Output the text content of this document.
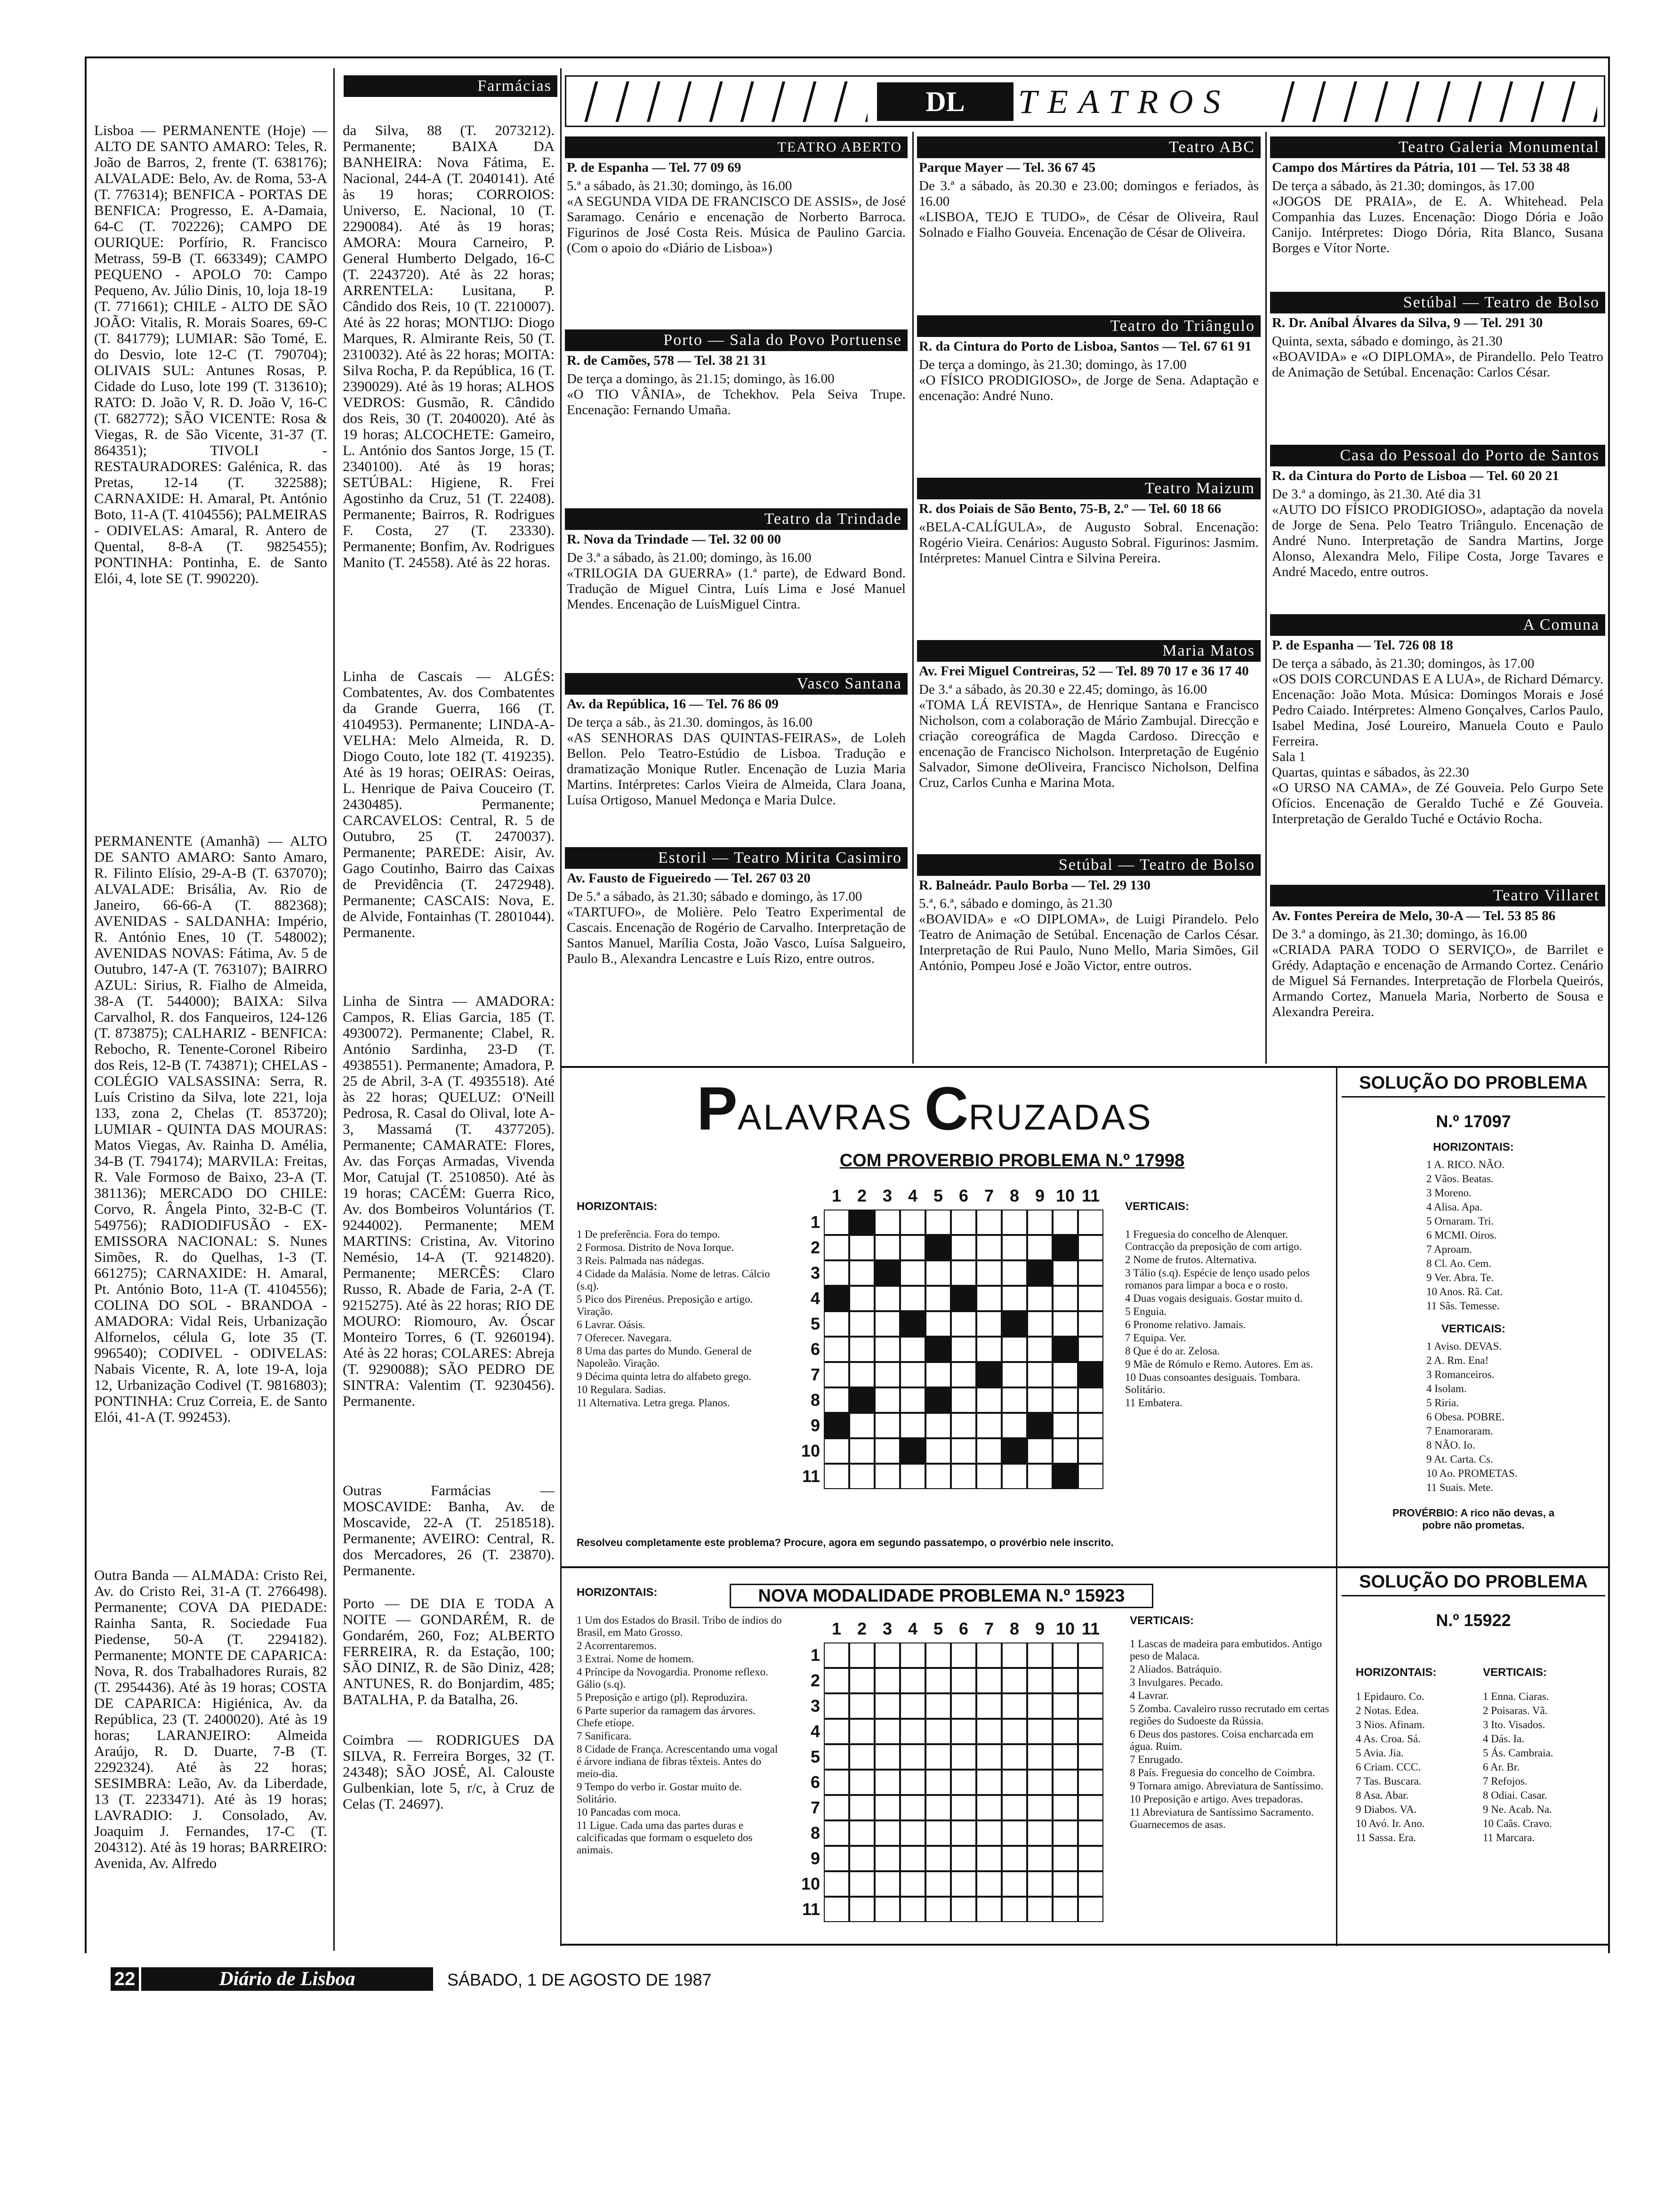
Farmácias

Lisboa — PERMANENTE (Hoje) — ALTO DE SANTO AMARO: Teles, R. João de Barros, 2, frente (T. 638176); ALVALADE: Belo, Av. de Roma, 53-A (T. 776314); BENFICA - PORTAS DE BENFICA: Progresso, E. A-Damaia, 64-C (T. 702226); CAMPO DE OURIQUE: Porfírio, R. Francisco Metrass, 59-B (T. 663349); CAMPO PEQUENO - APOLO 70: Campo Pequeno, Av. Júlio Dinis, 10, loja 18-19 (T. 771661); CHILE - ALTO DE SÃO JOÃO: Vitalis, R. Morais Soares, 69-C (T. 841779); LUMIAR: São Tomé, E. do Desvio, lote 12-C (T. 790704); OLIVAIS SUL: Antunes Rosas, P. Cidade do Luso, lote 199 (T. 313610); RATO: D. João V, R. D. João V, 16-C (T. 682772); SÃO VICENTE: Rosa & Viegas, R. de São Vicente, 31-37 (T. 864351); TIVOLI - RESTAURADORES: Galénica, R. das Pretas, 12-14 (T. 322588); CARNAXIDE: H. Amaral, Pt. António Boto, 11-A (T. 4104556); PALMEIRAS - ODIVELAS: Amaral, R. Antero de Quental, 8-8-A (T. 9825455); PONTINHA: Pontinha, E. de Santo Elói, 4, lote SE (T. 990220).

PERMANENTE (Amanhã) — ALTO DE SANTO AMARO: Santo Amaro, R. Filinto Elísio, 29-A-B (T. 637070); ALVALADE: Brisália, Av. Rio de Janeiro, 66-66-A (T. 882368); AVENIDAS - SALDANHA: Império, R. António Enes, 10 (T. 548002); AVENIDAS NOVAS: Fátima, Av. 5 de Outubro, 147-A (T. 763107); BAIRRO AZUL: Sirius, R. Fialho de Almeida, 38-A (T. 544000); BAIXA: Silva Carvalhol, R. dos Fanqueiros, 124-126 (T. 873875); CALHARIZ - BENFICA: Rebocho, R. Tenente-Coronel Ribeiro dos Reis, 12-B (T. 743871); CHELAS - COLÉGIO VALSASSINA: Serra, R. Luís Cristino da Silva, lote 221, loja 133, zona 2, Chelas (T. 853720); LUMIAR - QUINTA DAS MOURAS: Matos Viegas, Av. Rainha D. Amélia, 34-B (T. 794174); MARVILA: Freitas, R. Vale Formoso de Baixo, 23-A (T. 381136); MERCADO DO CHILE: Corvo, R. Ângela Pinto, 32-B-C (T. 549756); RADIODIFUSÃO - EX-EMISSORA NACIONAL: S. Nunes Simões, R. do Quelhas, 1-3 (T. 661275); CARNAXIDE: H. Amaral, Pt. António Boto, 11-A (T. 4104556); COLINA DO SOL - BRANDOA - AMADORA: Vidal Reis, Urbanização Alfornelos, célula G, lote 35 (T. 996540); CODIVEL - ODIVELAS: Nabais Vicente, R. A, lote 19-A, loja 12, Urbanização Codivel (T. 9816803); PONTINHA: Cruz Correia, E. de Santo Elói, 41-A (T. 992453).

Outra Banda — ALMADA: Cristo Rei, Av. do Cristo Rei, 31-A (T. 2766498). Permanente; COVA DA PIEDADE: Rainha Santa, R. Sociedade Fua Piedense, 50-A (T. 2294182). Permanente; MONTE DE CAPARICA: Nova, R. dos Trabalhadores Rurais, 82 (T. 2954436). Até às 19 horas; COSTA DE CAPARICA: Higiénica, Av. da República, 23 (T. 2400020). Até às 19 horas; LARANJEIRO: Almeida Araújo, R. D. Duarte, 7-B (T. 2292324). Até às 22 horas; SESIMBRA: Leão, Av. da Liberdade, 13 (T. 2233471). Até às 19 horas; LAVRADIO: J. Consolado, Av. Joaquim J. Fernandes, 17-C (T. 204312). Até às 19 horas; BARREIRO: Avenida, Av. Alfredo

da Silva, 88 (T. 2073212). Permanente; BAIXA DA BANHEIRA: Nova Fátima, E. Nacional, 244-A (T. 2040141). Até às 19 horas; CORROIOS: Universo, E. Nacional, 10 (T. 2290084). Até às 19 horas; AMORA: Moura Carneiro, P. General Humberto Delgado, 16-C (T. 2243720). Até às 22 horas; ARRENTELA: Lusitana, P. Cândido dos Reis, 10 (T. 2210007). Até às 22 horas; MONTIJO: Diogo Marques, R. Almirante Reis, 50 (T. 2310032). Até às 22 horas; MOITA: Silva Rocha, P. da República, 16 (T. 2390029). Até às 19 horas; ALHOS VEDROS: Gusmão, R. Cândido dos Reis, 30 (T. 2040020). Até às 19 horas; ALCOCHETE: Gameiro, L. António dos Santos Jorge, 15 (T. 2340100). Até às 19 horas; SETÚBAL: Higiene, R. Frei Agostinho da Cruz, 51 (T. 22408). Permanente; Bairros, R. Rodrigues F. Costa, 27 (T. 23330). Permanente; Bonfim, Av. Rodrigues Manito (T. 24558). Até às 22 horas.

Linha de Cascais — ALGÉS: Combatentes, Av. dos Combatentes da Grande Guerra, 166 (T. 4104953). Permanente; LINDA-A-VELHA: Melo Almeida, R. D. Diogo Couto, lote 182 (T. 419235). Até às 19 horas; OEIRAS: Oeiras, L. Henrique de Paiva Couceiro (T. 2430485). Permanente; CARCAVELOS: Central, R. 5 de Outubro, 25 (T. 2470037). Permanente; PAREDE: Aisir, Av. Gago Coutinho, Bairro das Caixas de Previdência (T. 2472948). Permanente; CASCAIS: Nova, E. de Alvide, Fontainhas (T. 2801044). Permanente.

Linha de Sintra — AMADORA: Campos, R. Elias Garcia, 185 (T. 4930072). Permanente; Clabel, R. António Sardinha, 23-D (T. 4938551). Permanente; Amadora, P. 25 de Abril, 3-A (T. 4935518). Até às 22 horas; QUELUZ: O'Neill Pedrosa, R. Casal do Olival, lote A-3, Massamá (T. 4377205). Permanente; CAMARATE: Flores, Av. das Forças Armadas, Vivenda Mor, Catujal (T. 2510850). Até às 19 horas; CACÉM: Guerra Rico, Av. dos Bombeiros Voluntários (T. 9244002). Permanente; MEM MARTINS: Cristina, Av. Vitorino Nemésio, 14-A (T. 9214820). Permanente; MERCÊS: Claro Russo, R. Abade de Faria, 2-A (T. 9215275). Até às 22 horas; RIO DE MOURO: Riomouro, Av. Óscar Monteiro Torres, 6 (T. 9260194). Até às 22 horas; COLARES: Abreja (T. 9290088); SÃO PEDRO DE SINTRA: Valentim (T. 9230456). Permanente.

Outras Farmácias — MOSCAVIDE: Banha, Av. de Moscavide, 22-A (T. 2518518). Permanente; AVEIRO: Central, R. dos Mercadores, 26 (T. 23870). Permanente.

Porto — DE DIA E TODA A NOITE — GONDARÉM, R. de Gondarém, 260, Foz; ALBERTO FERREIRA, R. da Estação, 100; SÃO DINIZ, R. de São Diniz, 428; ANTUNES, R. do Bonjardim, 485; BATALHA, P. da Batalha, 26.

Coimbra — RODRIGUES DA SILVA, R. Ferreira Borges, 32 (T. 24348); SÃO JOSÉ, Al. Calouste Gulbenkian, lote 5, r/c, à Cruz de Celas (T. 24697).

DL	TEATROS
TEATRO ABERTO
P. de Espanha — Tel. 77 09 69
5.ª a sábado, às 21.30; domingo, às 16.00
«A SEGUNDA VIDA DE FRANCISCO DE ASSIS», de José Saramago. Cenário e encenação de Norberto Barroca. Figurinos de José Costa Reis. Música de Paulino Garcia. (Com o apoio do «Diário de Lisboa»)
Porto — Sala do Povo Portuense
R. de Camões, 578 — Tel. 38 21 31
De terça a domingo, às 21.15; domingo, às 16.00
«O TIO VÂNIA», de Tchekhov. Pela Seiva Trupe. Encenação: Fernando Umaña.
Teatro da Trindade
R. Nova da Trindade — Tel. 32 00 00
De 3.ª a sábado, às 21.00; domingo, às 16.00
«TRILOGIA DA GUERRA» (1.ª parte), de Edward Bond. Tradução de Miguel Cintra, Luís Lima e José Manuel Mendes. Encenação de LuísMiguel Cintra.
Vasco Santana
Av. da República, 16 — Tel. 76 86 09
De terça a sáb., às 21.30. domingos, às 16.00
«AS SENHORAS DAS QUINTAS-FEIRAS», de Loleh Bellon. Pelo Teatro-Estúdio de Lisboa. Tradução e dramatização Monique Rutler. Encenação de Luzia Maria Martins. Intérpretes: Carlos Vieira de Almeida, Clara Joana, Luísa Ortigoso, Manuel Medonça e Maria Dulce.
Estoril — Teatro Mirita Casimiro
Av. Fausto de Figueiredo — Tel. 267 03 20
De 5.ª a sábado, às 21.30; sábado e domingo, às 17.00
«TARTUFO», de Molière. Pelo Teatro Experimental de Cascais. Encenação de Rogério de Carvalho. Interpretação de Santos Manuel, Marília Costa, João Vasco, Luísa Salgueiro, Paulo B., Alexandra Lencastre e Luís Rizo, entre outros.
Teatro ABC
Parque Mayer — Tel. 36 67 45
De 3.ª a sábado, às 20.30 e 23.00; domingos e feriados, às 16.00
«LISBOA, TEJO E TUDO», de César de Oliveira, Raul Solnado e Fialho Gouveia. Encenação de César de Oliveira.
Teatro do Triângulo
R. da Cintura do Porto de Lisboa, Santos — Tel. 67 61 91
De terça a domingo, às 21.30; domingo, às 17.00
«O FÍSICO PRODIGIOSO», de Jorge de Sena. Adaptação e encenação: André Nuno.
Teatro Maizum
R. dos Poiais de São Bento, 75-B, 2.º — Tel. 60 18 66
«BELA-CALÍGULA», de Augusto Sobral. Encenação: Rogério Vieira. Cenários: Augusto Sobral. Figurinos: Jasmim. Intérpretes: Manuel Cintra e Silvina Pereira.
Maria Matos
Av. Frei Miguel Contreiras, 52 — Tel. 89 70 17 e 36 17 40
De 3.ª a sábado, às 20.30 e 22.45; domingo, às 16.00
«TOMA LÁ REVISTA», de Henrique Santana e Francisco Nicholson, com a colaboração de Mário Zambujal. Direcção e criação coreográfica de Magda Cardoso. Direcção e encenação de Francisco Nicholson. Interpretação de Eugénio Salvador, Simone deOliveira, Francisco Nicholson, Delfina Cruz, Carlos Cunha e Marina Mota.
Setúbal — Teatro de Bolso
R. Balneádr. Paulo Borba — Tel. 29 130
5.ª, 6.ª, sábado e domingo, às 21.30
«BOAVIDA» e «O DIPLOMA», de Luigi Pirandelo. Pelo Teatro de Animação de Setúbal. Encenação de Carlos César. Interpretação de Rui Paulo, Nuno Mello, Maria Simões, Gil António, Pompeu José e João Victor, entre outros.
Teatro Galeria Monumental
Campo dos Mártires da Pátria, 101 — Tel. 53 38 48
De terça a sábado, às 21.30; domingos, às 17.00
«JOGOS DE PRAIA», de E. A. Whitehead. Pela Companhia das Luzes. Encenação: Diogo Dória e João Canijo. Intérpretes: Diogo Dória, Rita Blanco, Susana Borges e Vítor Norte.
Setúbal — Teatro de Bolso
R. Dr. Aníbal Álvares da Silva, 9 — Tel. 291 30
Quinta, sexta, sábado e domingo, às 21.30
«BOAVIDA» e «O DIPLOMA», de Pirandello. Pelo Teatro de Animação de Setúbal. Encenação: Carlos César.
Casa do Pessoal do Porto de Santos
R. da Cintura do Porto de Lisboa — Tel. 60 20 21
De 3.ª a domingo, às 21.30. Até dia 31
«AUTO DO FÍSICO PRODIGIOSO», adaptação da novela de Jorge de Sena. Pelo Teatro Triângulo. Encenação de André Nuno. Interpretação de Sandra Martins, Jorge Alonso, Alexandra Melo, Filipe Costa, Jorge Tavares e André Macedo, entre outros.
A Comuna
P. de Espanha — Tel. 726 08 18
De terça a sábado, às 21.30; domingos, às 17.00
«OS DOIS CORCUNDAS E A LUA», de Richard Démarcy. Encenação: João Mota. Música: Domingos Morais e José Pedro Caiado. Intérpretes: Almeno Gonçalves, Carlos Paulo, Isabel Medina, José Loureiro, Manuela Couto e Paulo Ferreira.
Sala 1
Quartas, quintas e sábados, às 22.30
«O URSO NA CAMA», de Zé Gouveia. Pelo Gurpo Sete Ofícios. Encenação de Geraldo Tuché e Zé Gouveia. Interpretação de Geraldo Tuché e Octávio Rocha.
Teatro Villaret
Av. Fontes Pereira de Melo, 30-A — Tel. 53 85 86
De 3.ª a domingo, às 21.30; domingo, às 16.00
«CRIADA PARA TODO O SERVIÇO», de Barrilet e Grédy. Adaptação e encenação de Armando Cortez. Cenário de Miguel Sá Fernandes. Interpretação de Florbela Queirós, Armando Cortez, Manuela Maria, Norberto de Sousa e Alexandra Pereira.
PALAVRAS CRUZADAS
COM PROVERBIO PROBLEMA N.º 17998
HORIZONTAIS:
1 De preferência. Fora do tempo.
2 Formosa. Distrito de Nova Iorque.
3 Reis. Palmada nas nádegas.
4 Cidade da Malásia. Nome de letras. Cálcio (s.q).
5 Pico dos Pirenéus. Preposição e artigo. Viração.
6 Lavrar. Oásis.
7 Oferecer. Navegara.
8 Uma das partes do Mundo. General de Napoleão. Viração.
9 Décima quinta letra do alfabeto grego.
10 Regulara. Sadias.
11 Alternativa. Letra grega. Planos.
VERTICAIS:
1 Freguesia do concelho de Alenquer. Contracção da preposição de com artigo.
2 Nome de frutos. Alternativa.
3 Tálio (s.q). Espécie de lenço usado pelos romanos para limpar a boca e o rosto.
4 Duas vogais desiguais. Gostar muito d.
5 Enguia.
6 Pronome relativo. Jamais.
7 Equipa. Ver.
8 Que é do ar. Zelosa.
9 Mãe de Rómulo e Remo. Autores. Em as.
10 Duas consoantes desiguais. Tombara. Solitário.
11 Embatera.
1 2 3 4 5 6 7 8 9 10 11
1
2
3
4
5
6
7
8
9
10
11
Resolveu completamente este problema? Procure, agora em segundo passatempo, o provérbio nele inscrito.
SOLUÇÃO DO PROBLEMA
N.º 17097
HORIZONTAIS:
1 A. RICO. NÃO.
2 Vãos. Beatas.
3 Moreno.
4 Alisa. Apa.
5 Ornaram. Tri.
6 MCMI. Oiros.
7 Aproam.
8 Cl. Ao. Cem.
9 Ver. Abra. Te.
10 Anos. Rã. Cat.
11 Sãs. Temesse.
VERTICAIS:
1 Aviso. DEVAS.
2 A. Rm. Ena!
3 Romanceiros.
4 Isolam.
5 Riria.
6 Obesa. POBRE.
7 Enamoraram.
8 NÃO. Io.
9 At. Carta. Cs.
10 Ao. PROMETAS.
11 Suais. Mete.
PROVÉRBIO: A rico não devas, a pobre não prometas.
HORIZONTAIS:	NOVA MODALIDADE PROBLEMA N.º 15923
1 Um dos Estados do Brasil. Tribo de índios do Brasil, em Mato Grosso.
2 Acorrentaremos.
3 Extrai. Nome de homem.
4 Príncipe da Novogardia. Pronome reflexo. Gálio (s.q).
5 Preposição e artigo (pl). Reproduzira.
6 Parte superior da ramagem das árvores. Chefe etíope.
7 Sanificara.
8 Cidade de França. Acrescentando uma vogal é árvore indiana de fibras têxteis. Antes do meio-dia.
9 Tempo do verbo ir. Gostar muito de. Solitário.
10 Pancadas com moca.
11 Ligue. Cada uma das partes duras e calcificadas que formam o esqueleto dos animais.
VERTICAIS:
1 Lascas de madeira para embutidos. Antigo peso de Malaca.
2 Aliados. Batráquio.
3 Invulgares. Pecado.
4 Lavrar.
5 Zomba. Cavaleiro russo recrutado em certas regiões do Sudoeste da Rússia.
6 Deus dos pastores. Coisa encharcada em água. Ruim.
7 Enrugado.
8 País. Freguesia do concelho de Coimbra.
9 Tornara amigo. Abreviatura de Santíssimo.
10 Preposição e artigo. Aves trepadoras.
11 Abreviatura de Santíssimo Sacramento. Guarnecemos de asas.
1 2 3 4 5 6 7 8 9 10 11
1
2
3
4
5
6
7
8
9
10
11
SOLUÇÃO DO PROBLEMA
N.º 15922
HORIZONTAIS:
1 Epidauro. Co.
2 Notas. Edea.
3 Nios. Afinam.
4 As. Croa. Sá.
5 Avia. Jia.
6 Criam. CCC.
7 Tas. Buscara.
8 Asa. Abar.
9 Diabos. VA.
10 Avó. Ir. Ano.
11 Sassa. Era.
VERTICAIS:
1 Enna. Ciaras.
2 Poisaras. Vã.
3 Ito. Visados.
4 Dás. Ia.
5 Ás. Cambraia.
6 Ar. Br.
7 Refojos.
8 Odiai. Casar.
9 Ne. Acab. Na.
10 Caãs. Cravo.
11 Marcara.
22	Diário de Lisboa	SÁBADO, 1 DE AGOSTO DE 1987
